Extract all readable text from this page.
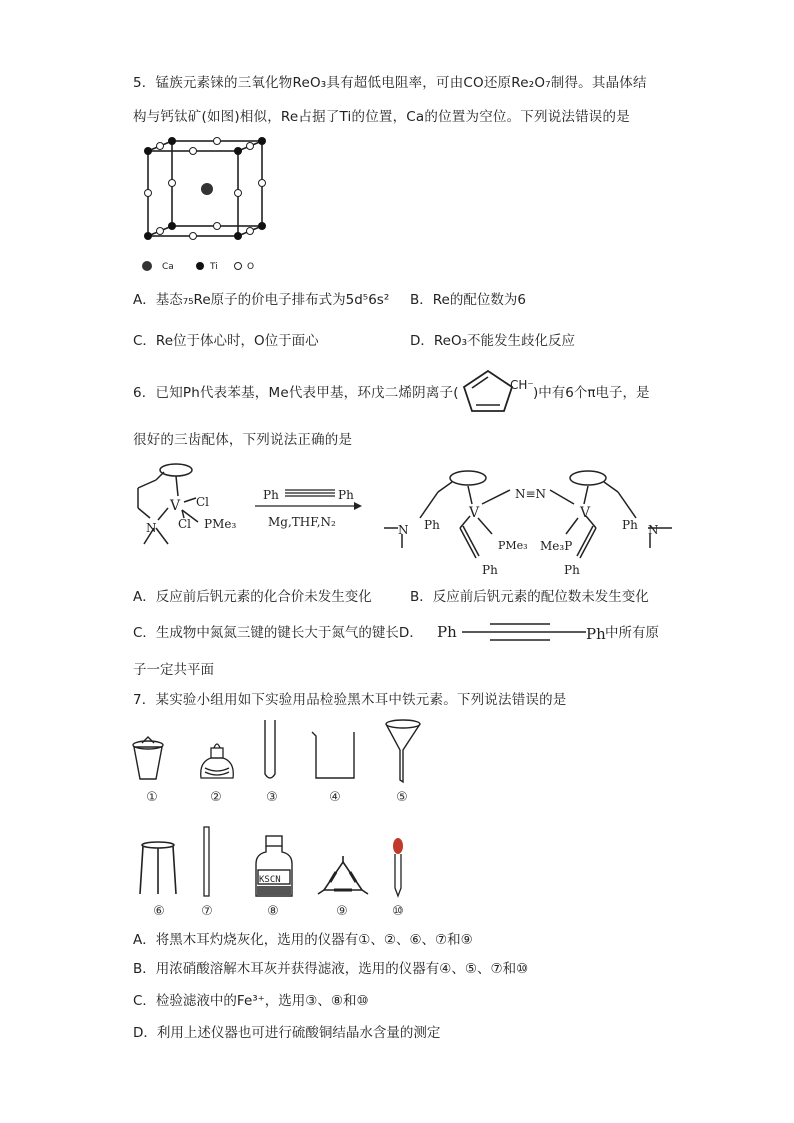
5．锰族元素铼的三氧化物ReO₃具有超低电阻率，可由CO还原Re₂O₇制得。其晶体结
构与钙钛矿(如图)相似，Re占据了Ti的位置，Ca的位置为空位。下列说法错误的是
Ca	Ti	O
A．基态₇₅Re原子的价电子排布式为5d⁵6s² B．Re的配位数为6
C．Re位于体心时，O位于面心	D．ReO₃不能发生歧化反应
6．已知Ph代表苯基，Me代表甲基，环戊二烯阴离子(	CH⁻ )中有6个π电子，是
很好的三齿配体，下列说法正确的是
V Cl
Cl PMe₃
N
Ph	Ph
Mg,THF,N₂
V	V
N≡N
Ph
Ph
Ph
Ph
PMe₃ Me₃P
N	N
A．反应前后钒元素的化合价未发生变化	B．反应前后钒元素的配位数未发生变化
C．生成物中氮氮三键的键长大于氮气的键长D． Ph	Ph 中所有原
子一定共平面
7．某实验小组用如下实验用品检验黑木耳中铁元素。下列说法错误的是
①	②	③	④	⑤
KSCN
⑥	⑦	⑧	⑨	⑩
A．将黑木耳灼烧灰化，选用的仪器有①、②、⑥、⑦和⑨
B．用浓硝酸溶解木耳灰并获得滤液，选用的仪器有④、⑤、⑦和⑩
C．检验滤液中的Fe³⁺，选用③、⑧和⑩
D．利用上述仪器也可进行硫酸铜结晶水含量的测定
